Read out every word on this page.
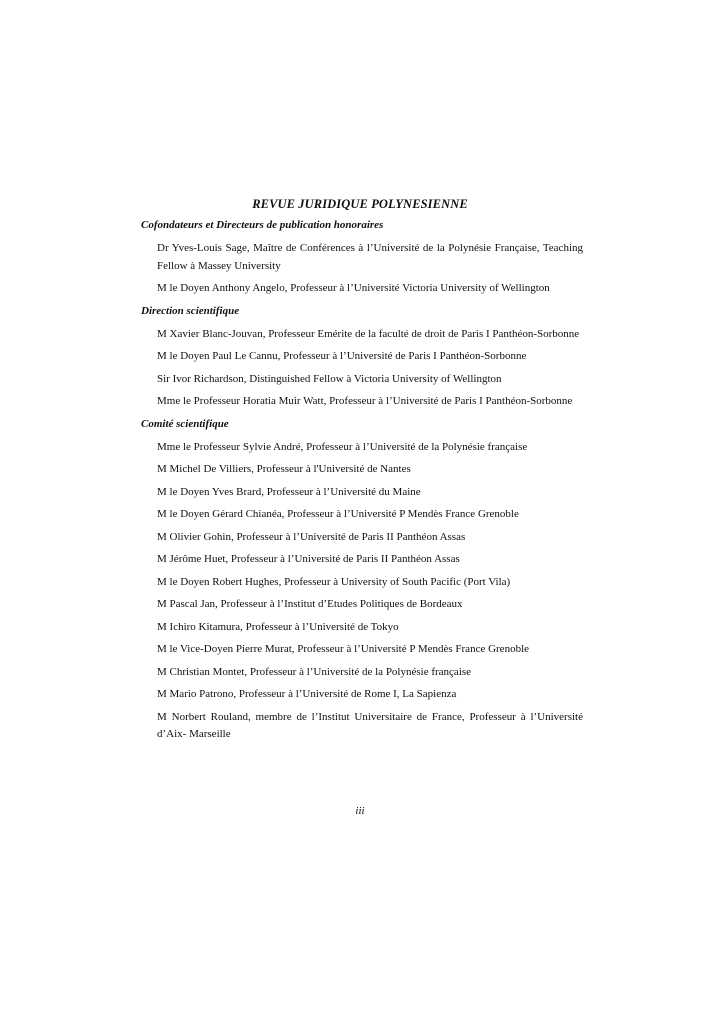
REVUE JURIDIQUE POLYNESIENNE
Cofondateurs et Directeurs de publication honoraires
Dr Yves-Louis Sage, Maître de Conférences à l’Université de la Polynésie Française, Teaching Fellow à Massey University
M le Doyen Anthony Angelo, Professeur à l’Université Victoria University of Wellington
Direction scientifique
M Xavier Blanc-Jouvan, Professeur Emérite de la faculté de droit de Paris I Panthéon-Sorbonne
M le Doyen Paul Le Cannu, Professeur à l’Université de Paris I Panthéon-Sorbonne
Sir Ivor Richardson, Distinguished Fellow à Victoria University of Wellington
Mme le Professeur Horatia Muir Watt, Professeur à l’Université de Paris I Panthéon-Sorbonne
Comité scientifique
Mme le Professeur Sylvie André, Professeur à l’Université de la Polynésie française
M Michel De Villiers, Professeur à l'Université de Nantes
M le Doyen Yves Brard, Professeur à l’Université du Maine
M le Doyen Gérard Chianéa, Professeur à l’Université P Mendès France Grenoble
M Olivier Gohin, Professeur à l’Université de Paris II Panthéon Assas
M Jérôme Huet, Professeur à l’Université de Paris II Panthéon Assas
M le Doyen Robert Hughes, Professeur à University of South Pacific (Port Vila)
M Pascal Jan, Professeur à l’Institut d’Etudes Politiques de Bordeaux
M Ichiro Kitamura, Professeur à l’Université de Tokyo
M le Vice-Doyen Pierre Murat, Professeur à l’Université P Mendès France Grenoble
M Christian Montet, Professeur à l’Université de la Polynésie française
M Mario Patrono, Professeur à l’Université de Rome I, La Sapienza
M Norbert Rouland, membre de l’Institut Universitaire de France, Professeur à l’Université d’Aix- Marseille
iii
